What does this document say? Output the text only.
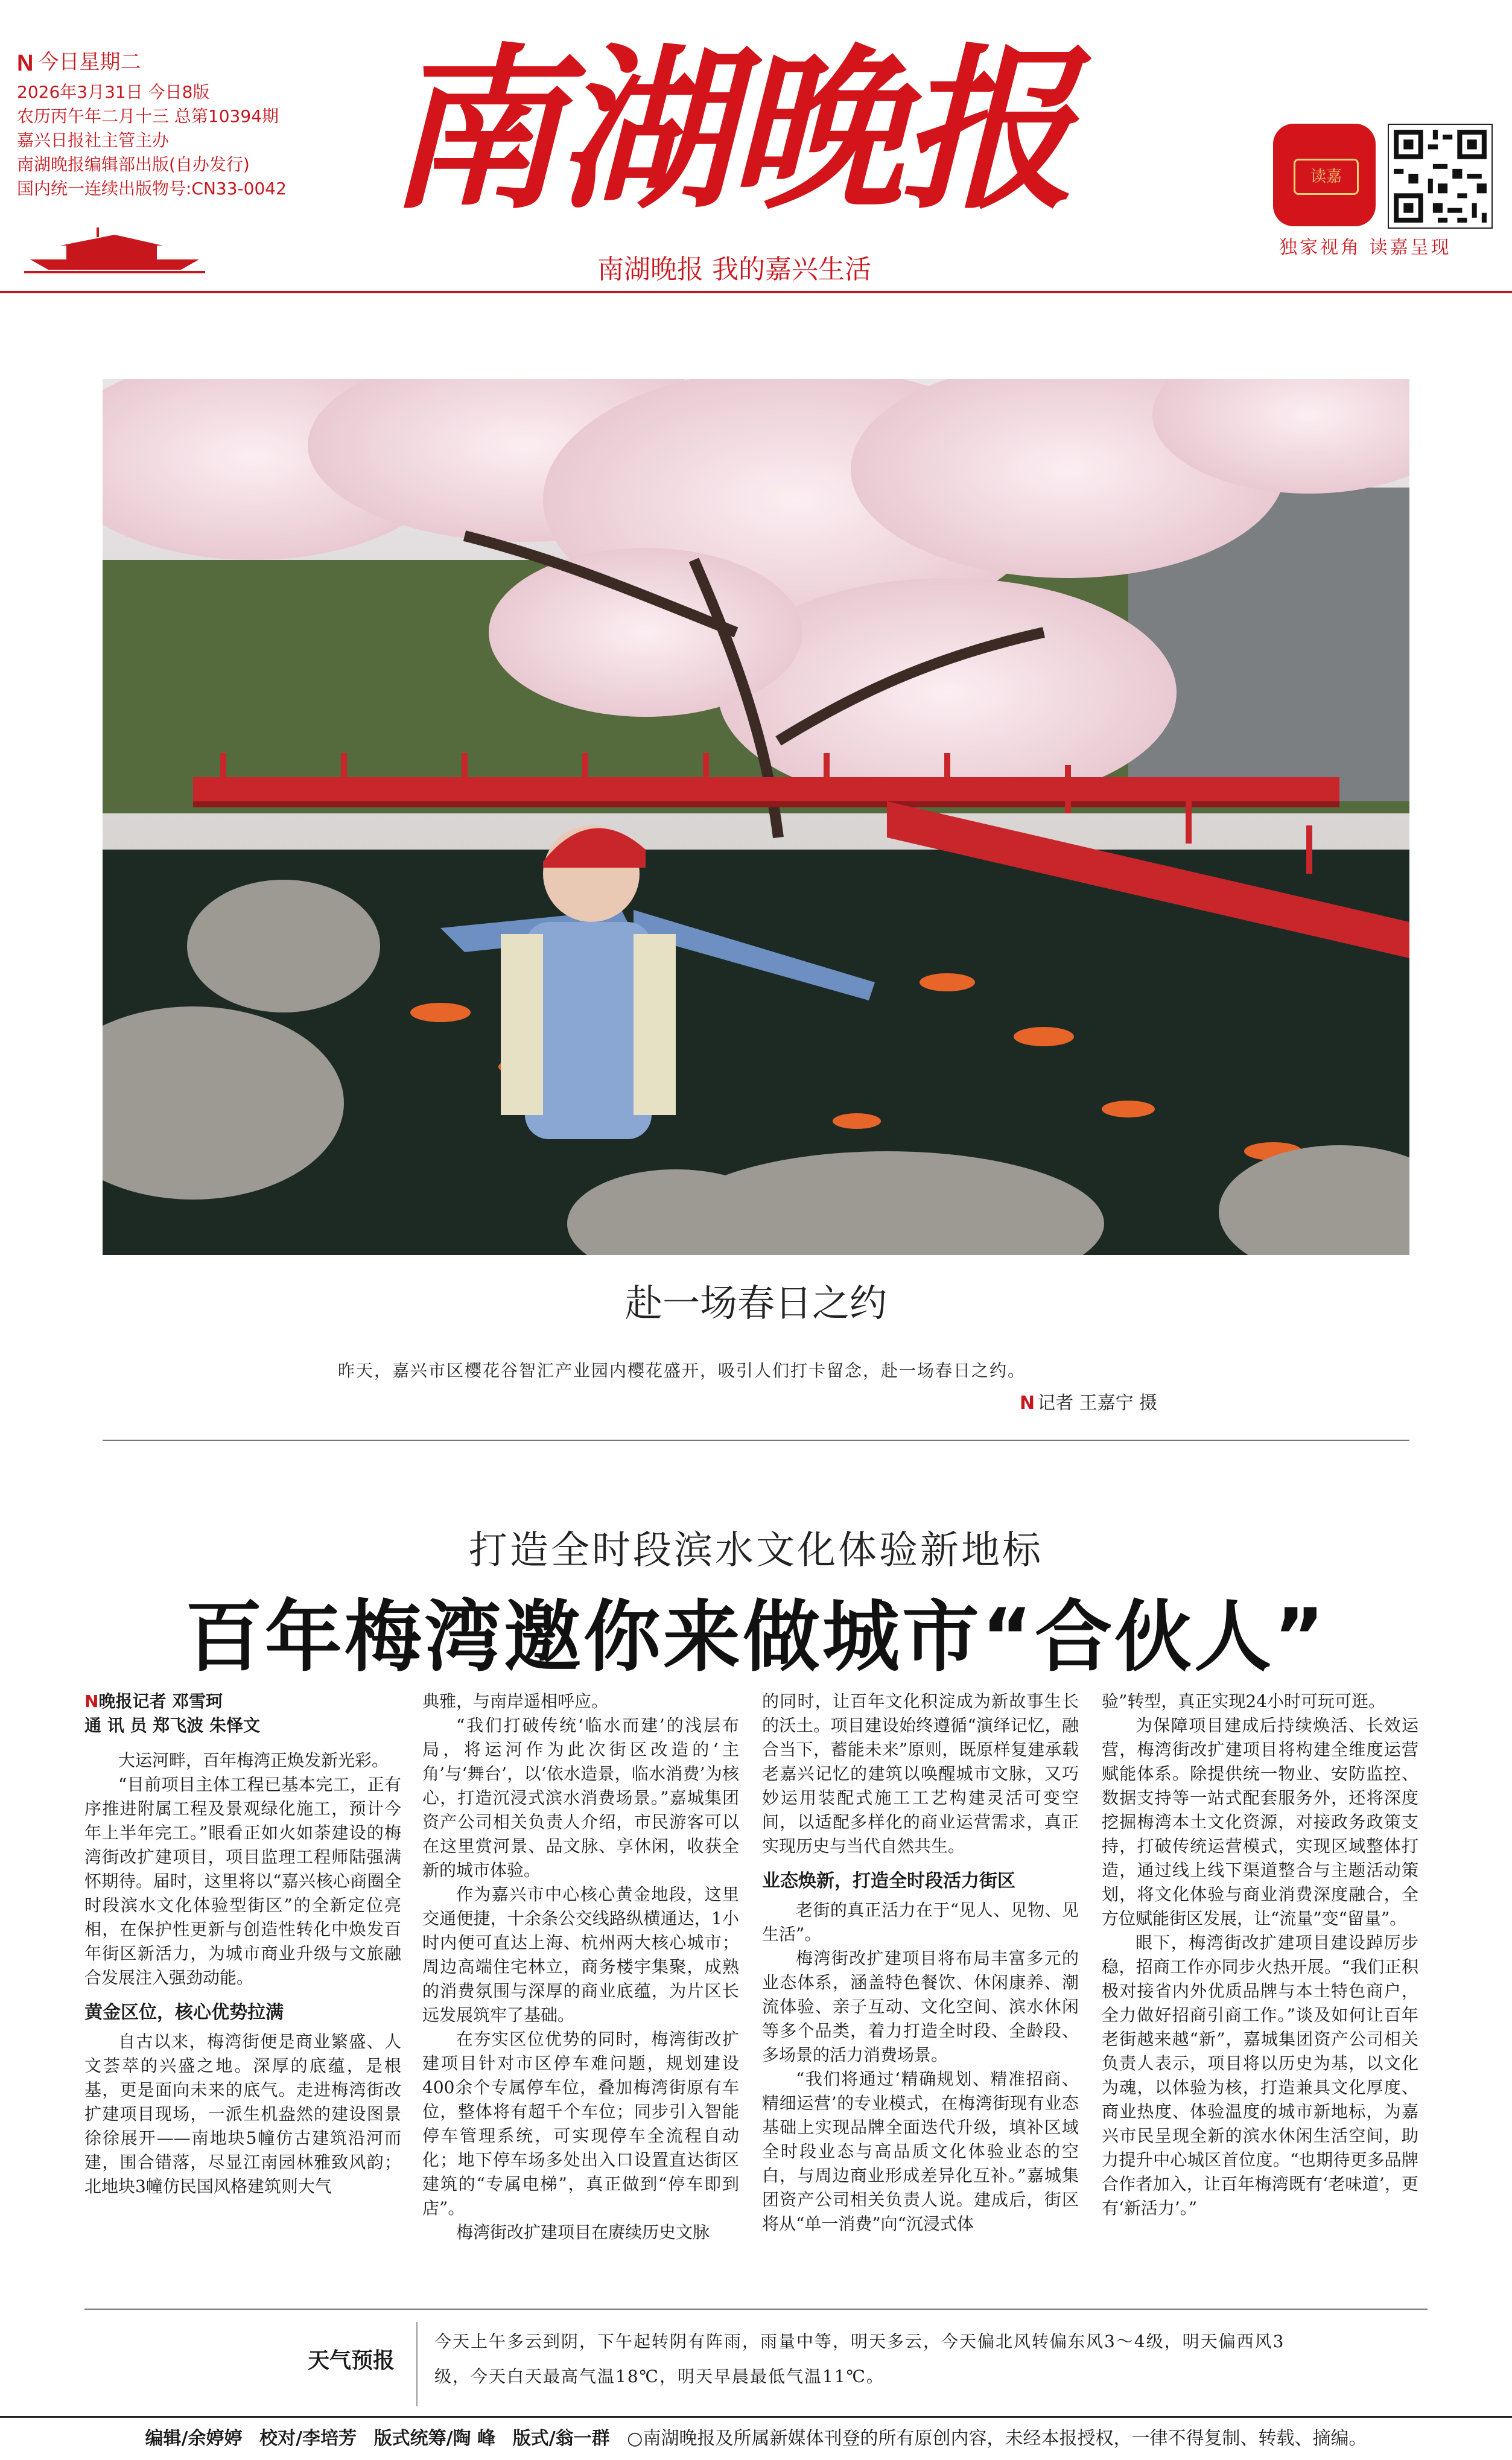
N 今日星期二
2026年3月31日 今日8版
农历丙午年二月十三 总第10394期
嘉兴日报社主管主办
南湖晚报编辑部出版(自办发行)
国内统一连续出版物号:CN33-0042 南湖晚报
南湖晚报 我的嘉兴生活
读嘉
独家视角 读嘉呈现
赴一场春日之约
昨天，嘉兴市区樱花谷智汇产业园内樱花盛开，吸引人们打卡留念，赴一场春日之约。
N 记者 王嘉宁 摄
打造全时段滨水文化体验新地标
百年梅湾邀你来做城市“合伙人”
N晚报记者 邓雪珂
通 讯 员 郑飞波 朱怿文

大运河畔，百年梅湾正焕发新光彩。

“目前项目主体工程已基本完工，正有序推进附属工程及景观绿化施工，预计今年上半年完工。”眼看正如火如荼建设的梅湾街改扩建项目，项目监理工程师陆强满怀期待。届时，这里将以“嘉兴核心商圈全时段滨水文化体验型街区”的全新定位亮相，在保护性更新与创造性转化中焕发百年街区新活力，为城市商业升级与文旅融合发展注入强劲动能。

黄金区位，核心优势拉满

自古以来，梅湾街便是商业繁盛、人文荟萃的兴盛之地。深厚的底蕴，是根基，更是面向未来的底气。走进梅湾街改扩建项目现场，一派生机盎然的建设图景徐徐展开——南地块5幢仿古建筑沿河而建，围合错落，尽显江南园林雅致风韵；北地块3幢仿民国风格建筑则大气

典雅，与南岸遥相呼应。

“我们打破传统‘临水而建’的浅层布局，将运河作为此次街区改造的‘主角’与‘舞台’，以‘依水造景，临水消费’为核心，打造沉浸式滨水消费场景。”嘉城集团资产公司相关负责人介绍，市民游客可以在这里赏河景、品文脉、享休闲，收获全新的城市体验。

作为嘉兴市中心核心黄金地段，这里交通便捷，十余条公交线路纵横通达，1小时内便可直达上海、杭州两大核心城市；周边高端住宅林立，商务楼宇集聚，成熟的消费氛围与深厚的商业底蕴，为片区长远发展筑牢了基础。

在夯实区位优势的同时，梅湾街改扩建项目针对市区停车难问题，规划建设400余个专属停车位，叠加梅湾街原有车位，整体将有超千个车位；同步引入智能停车管理系统，可实现停车全流程自动化；地下停车场多处出入口设置直达街区建筑的“专属电梯”，真正做到“停车即到店”。

梅湾街改扩建项目在赓续历史文脉

的同时，让百年文化积淀成为新故事生长的沃土。项目建设始终遵循“演绎记忆，融合当下，蓄能未来”原则，既原样复建承载老嘉兴记忆的建筑以唤醒城市文脉，又巧妙运用装配式施工工艺构建灵活可变空间，以适配多样化的商业运营需求，真正实现历史与当代自然共生。

业态焕新，打造全时段活力街区

老街的真正活力在于“见人、见物、见生活”。

梅湾街改扩建项目将布局丰富多元的业态体系，涵盖特色餐饮、休闲康养、潮流体验、亲子互动、文化空间、滨水休闲等多个品类，着力打造全时段、全龄段、多场景的活力消费场景。

“我们将通过‘精确规划、精准招商、精细运营’的专业模式，在梅湾街现有业态基础上实现品牌全面迭代升级，填补区域全时段业态与高品质文化体验业态的空白，与周边商业形成差异化互补。”嘉城集团资产公司相关负责人说。建成后，街区将从“单一消费”向“沉浸式体

验”转型，真正实现24小时可玩可逛。

为保障项目建成后持续焕活、长效运营，梅湾街改扩建项目将构建全维度运营赋能体系。除提供统一物业、安防监控、数据支持等一站式配套服务外，还将深度挖掘梅湾本土文化资源，对接政务政策支持，打破传统运营模式，实现区域整体打造，通过线上线下渠道整合与主题活动策划，将文化体验与商业消费深度融合，全方位赋能街区发展，让“流量”变“留量”。

眼下，梅湾街改扩建项目建设踔厉步稳，招商工作亦同步火热开展。“我们正积极对接省内外优质品牌与本土特色商户，全力做好招商引商工作。”谈及如何让百年老街越来越“新”，嘉城集团资产公司相关负责人表示，项目将以历史为基，以文化为魂，以体验为核，打造兼具文化厚度、商业热度、体验温度的城市新地标，为嘉兴市民呈现全新的滨水休闲生活空间，助力提升中心城区首位度。“也期待更多品牌合作者加入，让百年梅湾既有‘老味道’，更有‘新活力’。”

天气预报
今天上午多云到阴，下午起转阴有阵雨，雨量中等，明天多云，今天偏北风转偏东风3～4级，明天偏西风3级，今天白天最高气温18℃，明天早晨最低气温11℃。
编辑/余婷婷 校对/李培芳 版式统筹/陶 峰 版式/翁一群 ○南湖晚报及所属新媒体刊登的所有原创内容，未经本报授权，一律不得复制、转载、摘编。
